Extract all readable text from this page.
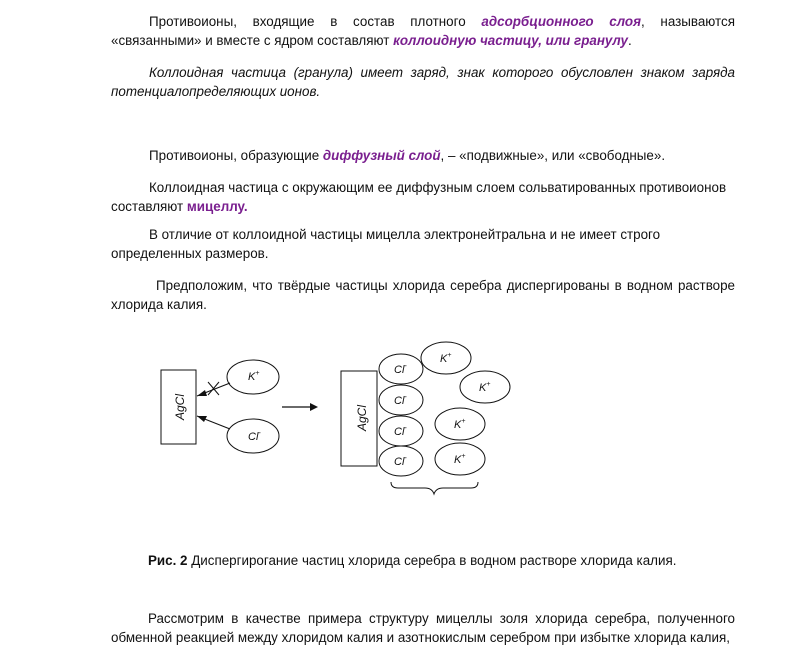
Противоионы, входящие в состав плотного адсорбционного слоя, называются «связанными» и вместе с ядром составляют коллоидную частицу, или гранулу.

Коллоидная частица (гранула) имеет заряд, знак которого обусловлен знаком заряда потенциалопределяющих ионов.

Противоионы, образующие диффузный слой, – «подвижные», или «свободные».

Коллоидная частица с окружающим ее диффузным слоем сольватированных противоионов составляют мицеллу.

В отличие от коллоидной частицы мицелла электронейтральна и не имеет строго определенных размеров.

Предположим, что твёрдые частицы хлорида серебра диспергированы в водном растворе хлорида калия.

AgCl
K+
Cl-
AgCl
Cl-
Cl-
Cl-
Cl-
K+
K+
K+
K+

Рис. 2 Диспергирогание частиц хлорида серебра в водном растворе хлорида калия.

Рассмотрим в качестве примера структуру мицеллы золя хлорида серебра, полученного обменной реакцией между хлоридом калия и азотнокислым серебром при избытке хлорида калия,
